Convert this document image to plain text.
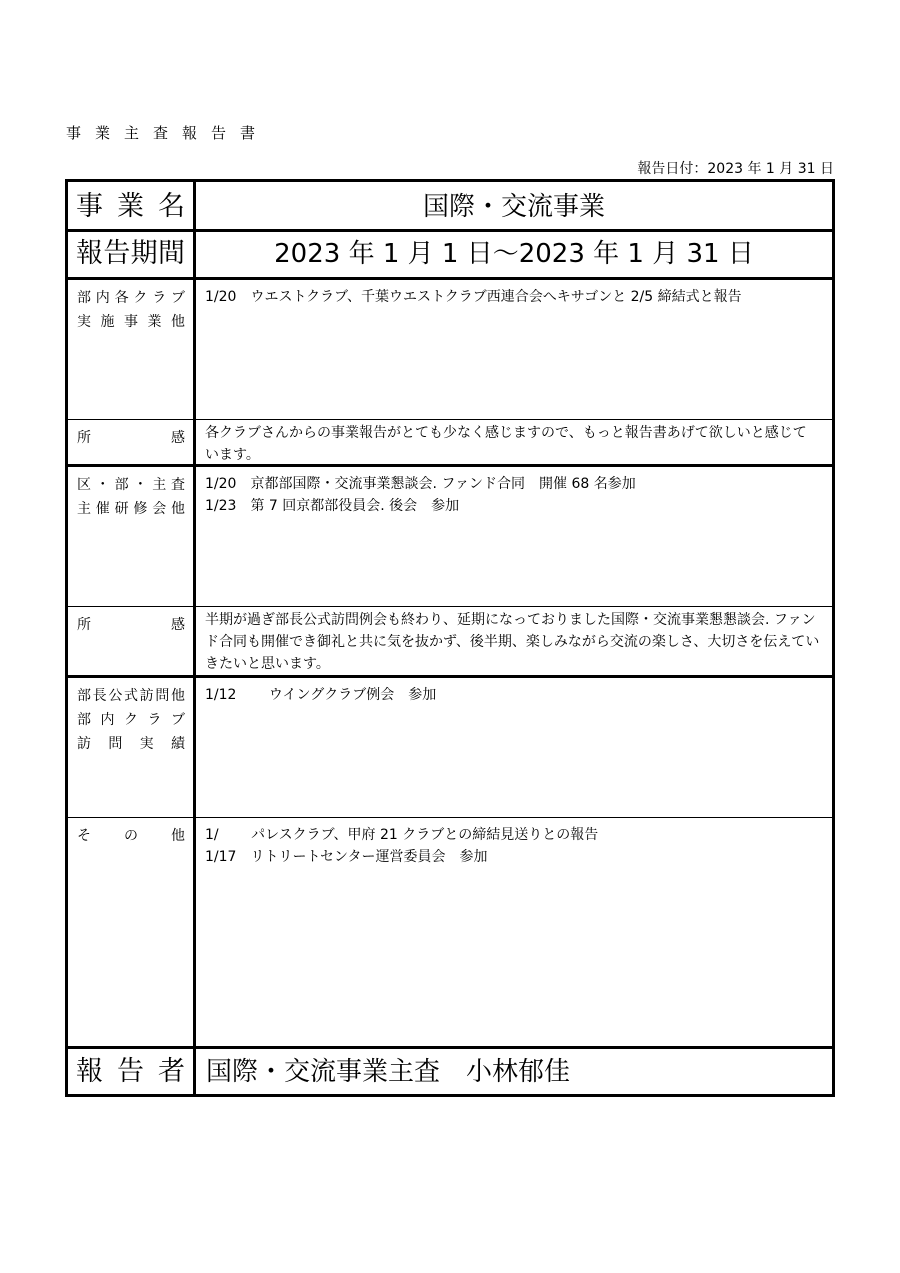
事業主査報告書
報告日付：2023 年 1 月 31 日
事 業 名	国際・交流事業
報告期間	2023 年 1 月 1 日～2023 年 1 月 31 日
部内各クラブ
実施事業他
1/20　ウエストクラブ、千葉ウエストクラブ西連合会へキサゴンと 2/5 締結式と報告
所　　　感 各クラブさんからの事業報告がとても少なく感じますので、もっと報告書あげて欲しいと感じています。
区・部・主査
主催研修会他
1/20　京都部国際・交流事業懇談会. ファンド合同　開催 68 名参加
1/23　第 7 回京都部役員会. 後会　参加
所　　　感 半期が過ぎ部長公式訪問例会も終わり、延期になっておりました国際・交流事業懇懇談会. ファンド合同も開催でき御礼と共に気を抜かず、後半期、楽しみながら交流の楽しさ、大切さを伝えていきたいと思います。
部長公式訪問他
部内クラブ
訪問実績
1/12　　 ウイングクラブ例会　参加
そ　の　他 1/　　 パレスクラブ、甲府 21 クラブとの締結見送りとの報告
1/17　リトリートセンター運営委員会　参加
報 告 者 国際・交流事業主査　小林郁佳
